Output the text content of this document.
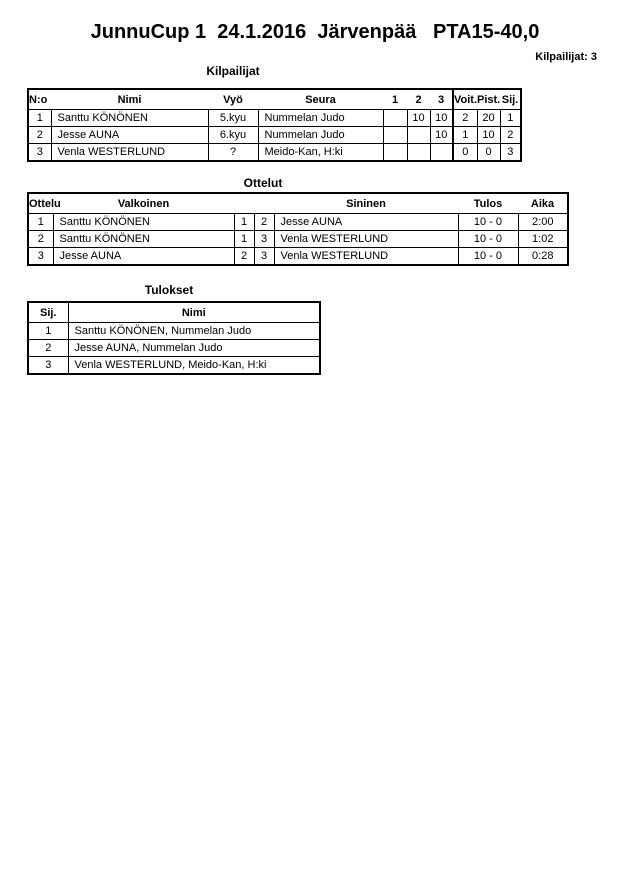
JunnuCup 1  24.1.2016  Järvenpää   PTA15-40,0
Kilpailijat: 3
Kilpailijat
N:o	Nimi	Vyö	Seura	1	2	3	Voit.	Pist.	Sij.
1	Santtu KÖNÖNEN	5.kyu	Nummelan Judo		10	10	2	20	1
2	Jesse AUNA	6.kyu	Nummelan Judo			10	1	10	2
3	Venla WESTERLUND	?	Meido-Kan, H:ki				0	0	3
Ottelut
Ottelu	Valkoinen			Sininen	Tulos	Aika
1	Santtu KÖNÖNEN	1	2	Jesse AUNA	10 - 0	2:00
2	Santtu KÖNÖNEN	1	3	Venla WESTERLUND	10 - 0	1:02
3	Jesse AUNA	2	3	Venla WESTERLUND	10 - 0	0:28
Tulokset
Sij.	Nimi
1	Santtu KÖNÖNEN, Nummelan Judo
2	Jesse AUNA, Nummelan Judo
3	Venla WESTERLUND, Meido-Kan, H:ki
